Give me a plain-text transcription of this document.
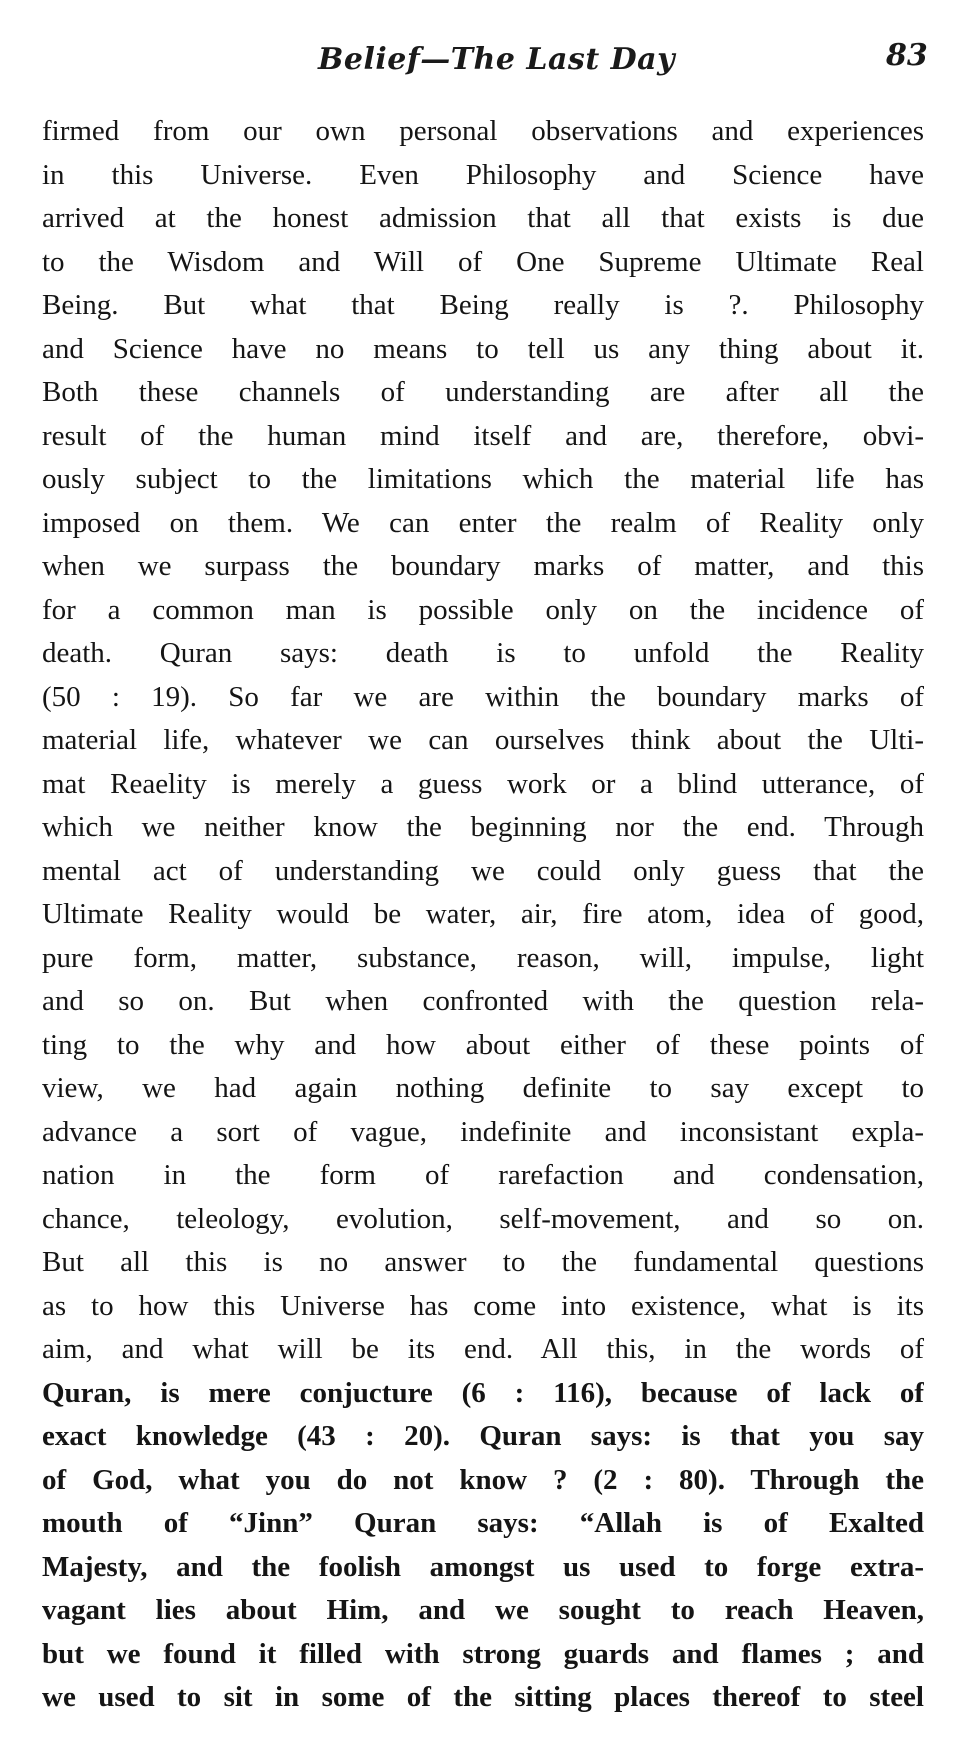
Belief—The Last Day	83
firmed from our own personal observations and experiences
in this Universe. Even Philosophy and Science have
arrived at the honest admission that all that exists is due
to the Wisdom and Will of One Supreme Ultimate Real
Being. But what that Being really is ?. Philosophy
and Science have no means to tell us any thing about it.
Both these channels of understanding are after all the
result of the human mind itself and are, therefore, obvi-
ously subject to the limitations which the material life has
imposed on them. We can enter the realm of Reality only
when we surpass the boundary marks of matter, and this
for a common man is possible only on the incidence of
death. Quran says: death is to unfold the Reality
(50 : 19). So far we are within the boundary marks of
material life, whatever we can ourselves think about the Ulti-
mat Reaelity is merely a guess work or a blind utterance, of
which we neither know the beginning nor the end. Through
mental act of understanding we could only guess that the
Ultimate Reality would be water, air, fire atom, idea of good,
pure form, matter, substance, reason, will, impulse, light
and so on. But when confronted with the question rela-
ting to the why and how about either of these points of
view, we had again nothing definite to say except to
advance a sort of vague, indefinite and inconsistant expla-
nation in the form of rarefaction and condensation,
chance, teleology, evolution, self-movement, and so on.
But all this is no answer to the fundamental questions
as to how this Universe has come into existence, what is its
aim, and what will be its end. All this, in the words of
Quran, is mere conjucture (6 : 116), because of lack of
exact knowledge (43 : 20). Quran says: is that you say
of God, what you do not know ? (2 : 80). Through the
mouth of “Jinn” Quran says: “Allah is of Exalted
Majesty, and the foolish amongst us used to forge extra-
vagant lies about Him, and we sought to reach Heaven,
but we found it filled with strong guards and flames ; and
we used to sit in some of the sitting places thereof to steel
